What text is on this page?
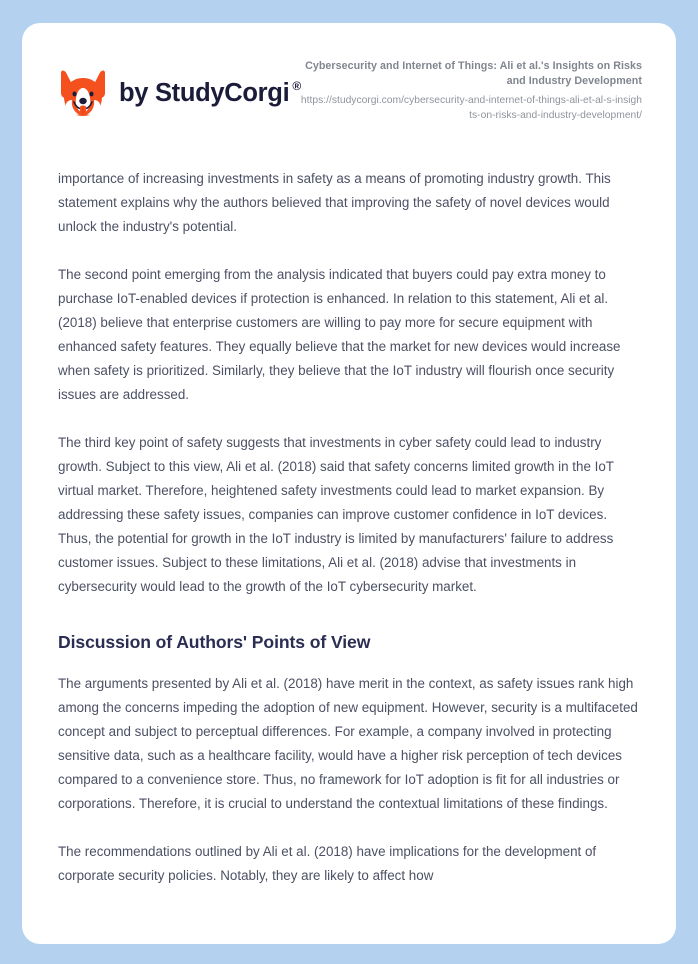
by StudyCorgi ®
Cybersecurity and Internet of Things: Ali et al.'s Insights on Risks and Industry Development
https://studycorgi.com/cybersecurity-and-internet-of-things-ali-et-al-s-insights-on-risks-and-industry-development/

importance of increasing investments in safety as a means of promoting industry growth. This statement explains why the authors believed that improving the safety of novel devices would unlock the industry's potential.

The second point emerging from the analysis indicated that buyers could pay extra money to purchase IoT-enabled devices if protection is enhanced. In relation to this statement, Ali et al. (2018) believe that enterprise customers are willing to pay more for secure equipment with enhanced safety features. They equally believe that the market for new devices would increase when safety is prioritized. Similarly, they believe that the IoT industry will flourish once security issues are addressed.

The third key point of safety suggests that investments in cyber safety could lead to industry growth. Subject to this view, Ali et al. (2018) said that safety concerns limited growth in the IoT virtual market. Therefore, heightened safety investments could lead to market expansion. By addressing these safety issues, companies can improve customer confidence in IoT devices. Thus, the potential for growth in the IoT industry is limited by manufacturers' failure to address customer issues. Subject to these limitations, Ali et al. (2018) advise that investments in cybersecurity would lead to the growth of the IoT cybersecurity market.

Discussion of Authors' Points of View

The arguments presented by Ali et al. (2018) have merit in the context, as safety issues rank high among the concerns impeding the adoption of new equipment. However, security is a multifaceted concept and subject to perceptual differences. For example, a company involved in protecting sensitive data, such as a healthcare facility, would have a higher risk perception of tech devices compared to a convenience store. Thus, no framework for IoT adoption is fit for all industries or corporations. Therefore, it is crucial to understand the contextual limitations of these findings.

The recommendations outlined by Ali et al. (2018) have implications for the development of corporate security policies. Notably, they are likely to affect how
